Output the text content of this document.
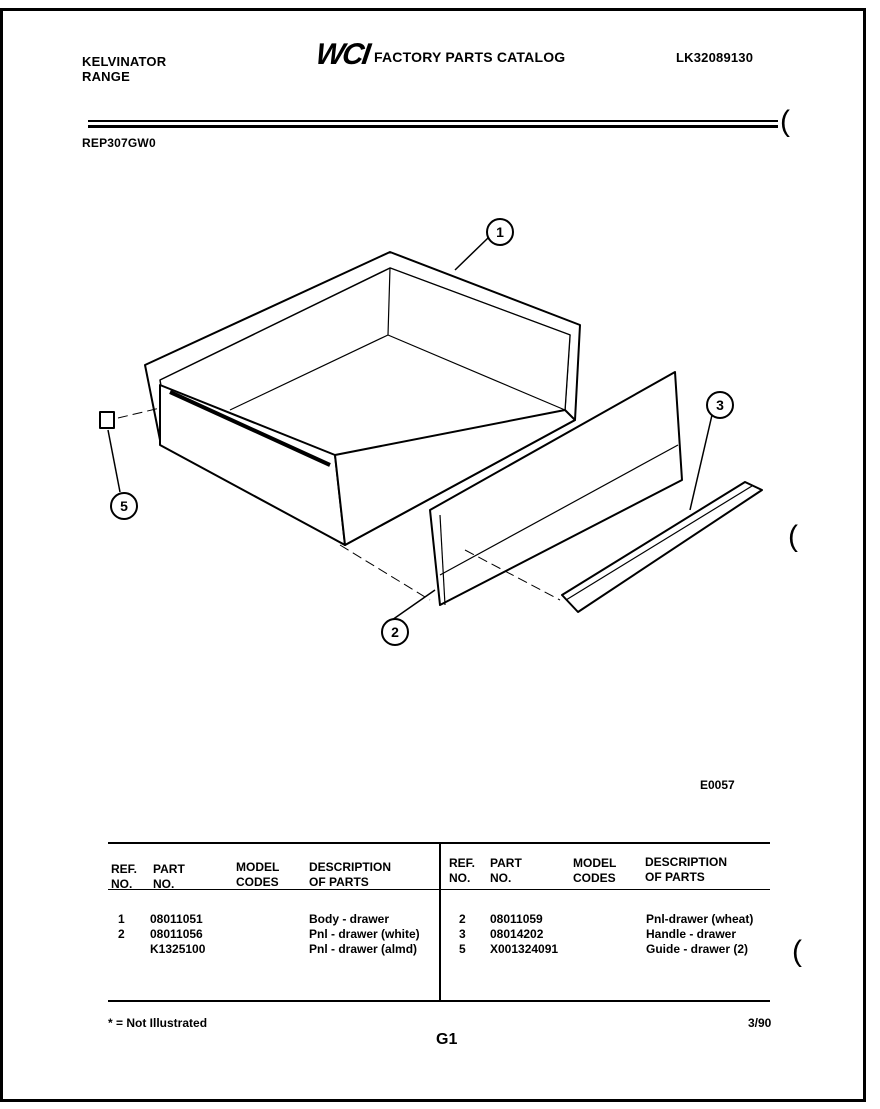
KELVINATOR
RANGE
WCI FACTORY PARTS CATALOG	LK32089130
REP307GW0
(
(
(
1
3
2
5
E0057
REF.
NO.
PART
NO.
MODEL
CODES
DESCRIPTION
OF PARTS
REF.
NO.
PART
NO.
MODEL
CODES
DESCRIPTION
OF PARTS
1
2

08011051
08011056
K1325100
Body - drawer
Pnl - drawer (white)
Pnl - drawer (almd)
2
3
5
08011059
08014202
X001324091
Pnl-drawer (wheat)
Handle - drawer
Guide - drawer (2)
* = Not Illustrated	3/90
G1
